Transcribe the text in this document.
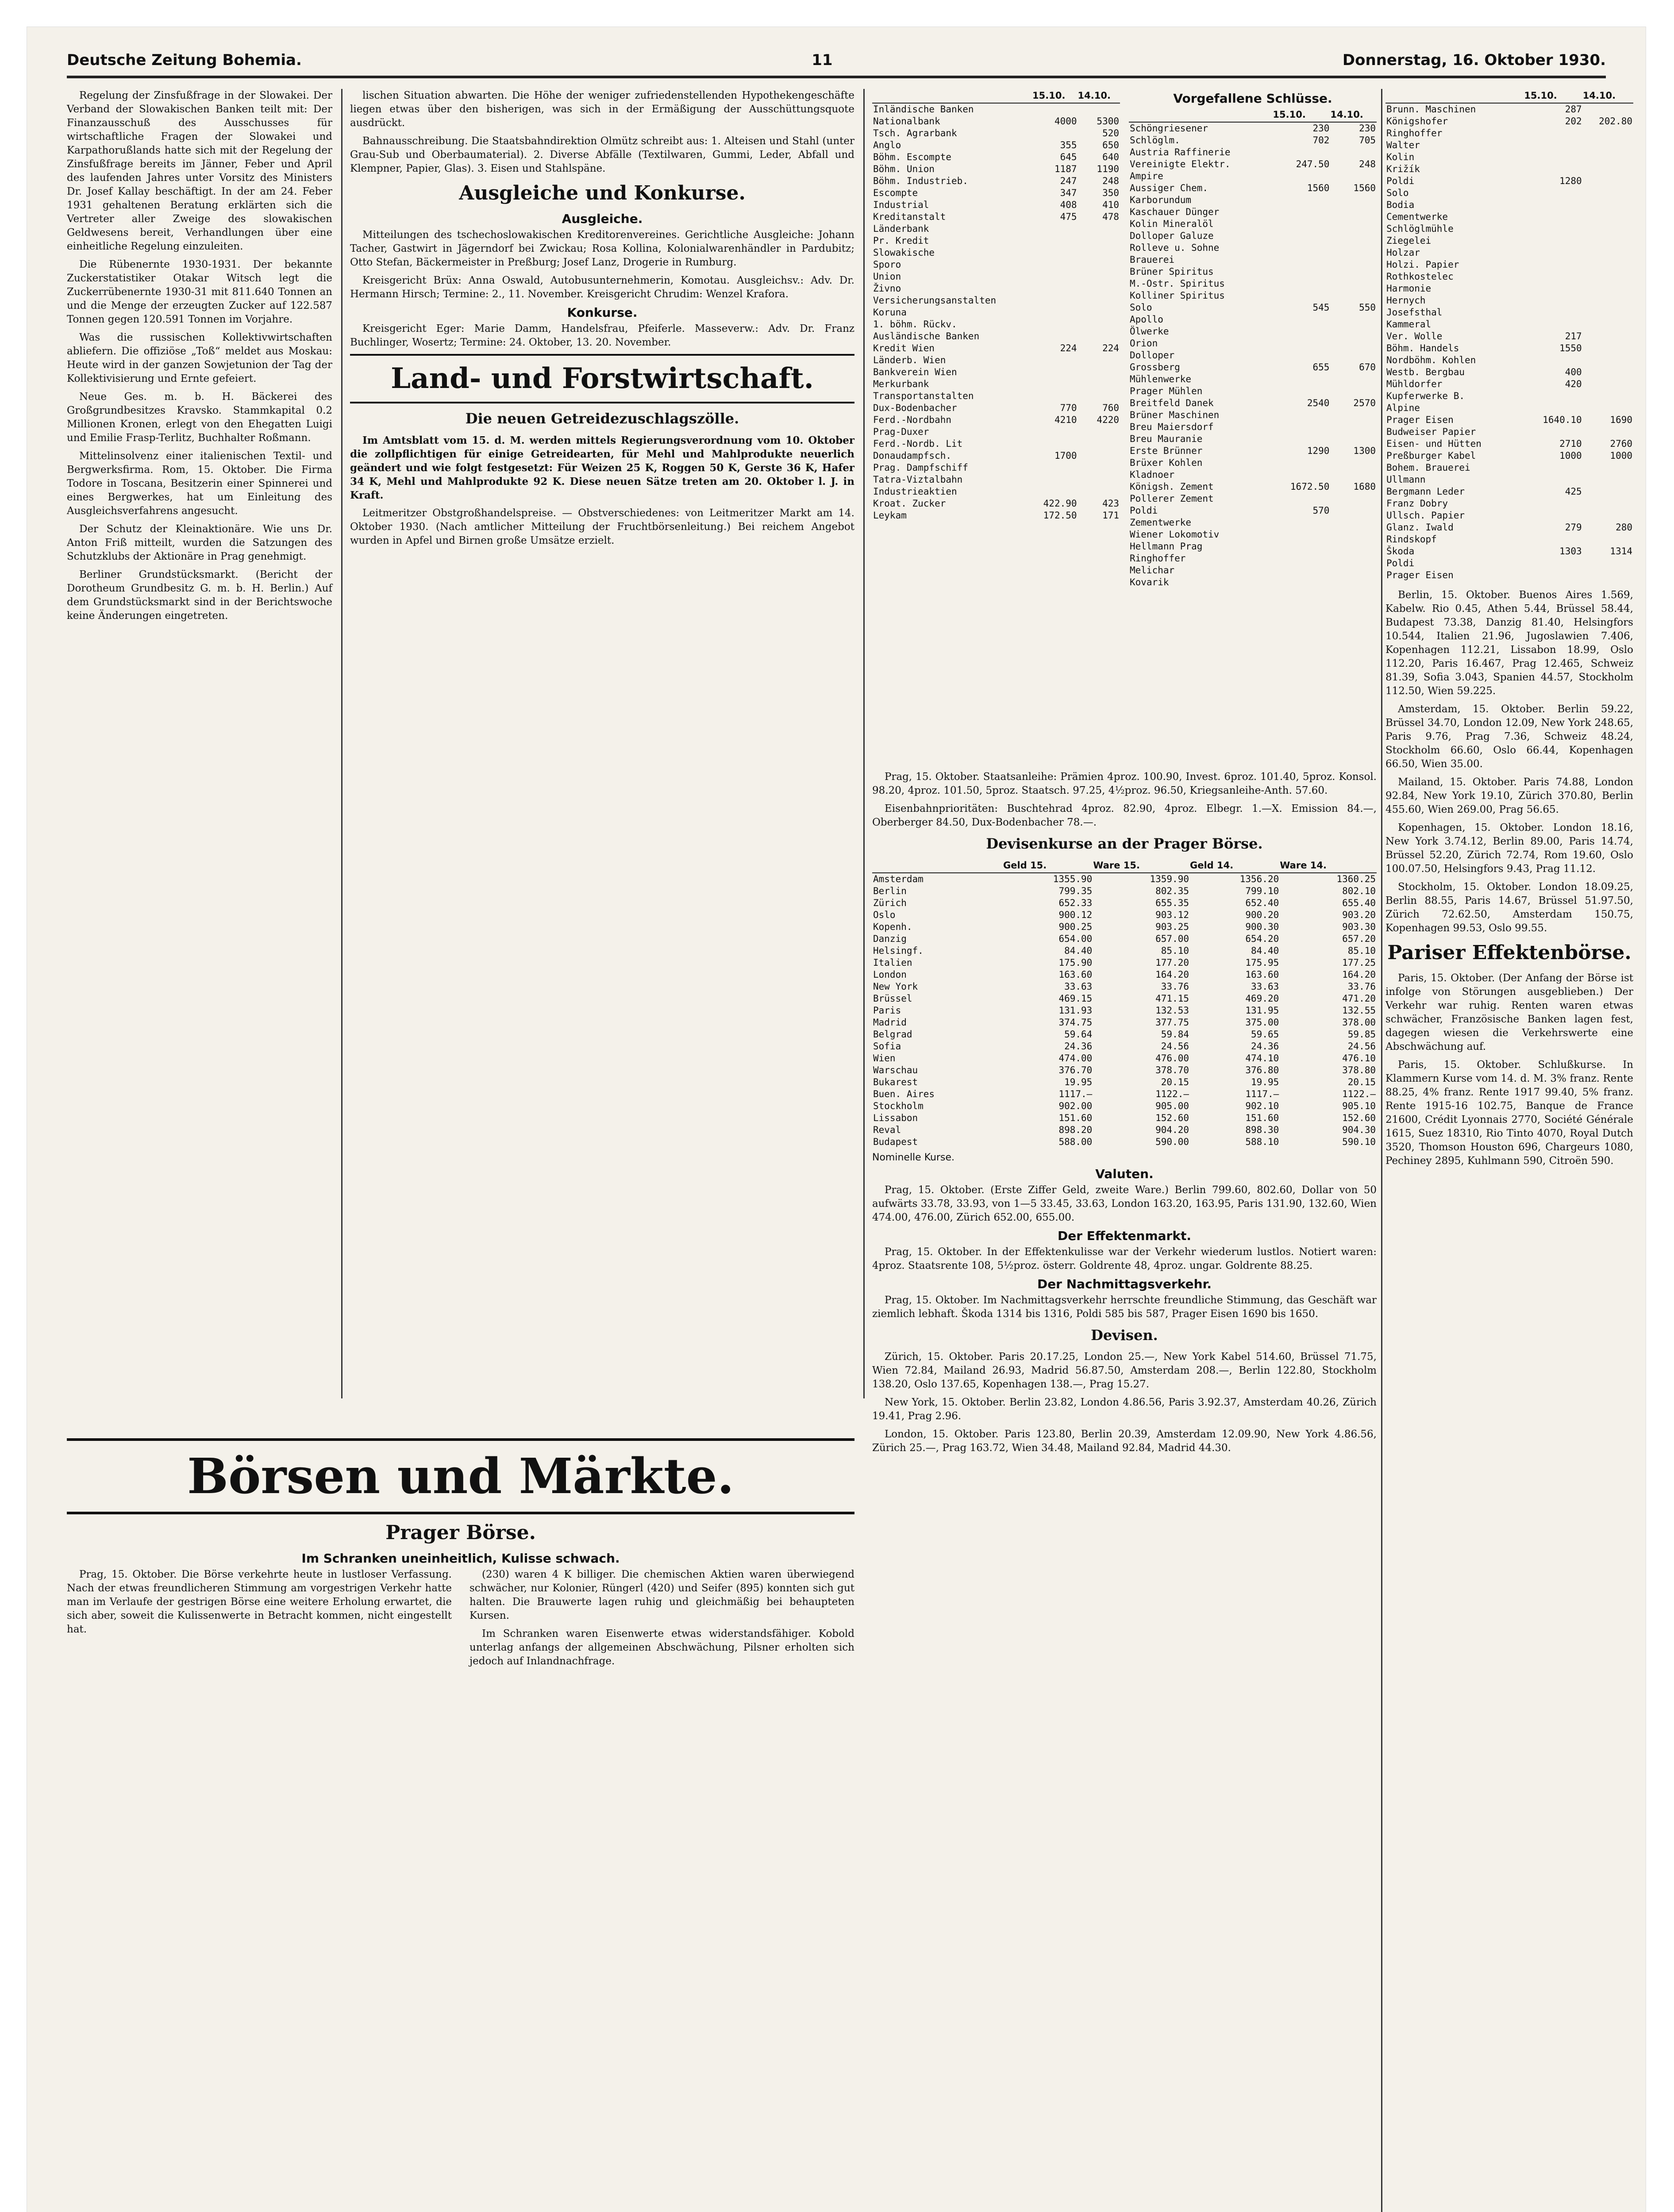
Deutsche Zeitung Bohemia.	11	Donnerstag, 16. Oktober 1930.

Regelung der Zinsfußfrage in der Slowakei. Der Verband der Slowakischen Banken teilt mit: Der Finanzausschuß des Ausschusses für wirtschaftliche Fragen der Slowakei und Karpathorußlands hatte sich mit der Regelung der Zinsfußfrage bereits im Jänner, Feber und April des laufenden Jahres unter Vorsitz des Ministers Dr. Josef Kallay beschäftigt. In der am 24. Feber 1931 gehaltenen Beratung erklärten sich die Vertreter aller Zweige des slowakischen Geldwesens bereit, Verhandlungen über eine einheitliche Regelung einzuleiten.

Die Rübenernte 1930-1931. Der bekannte Zuckerstatistiker Otakar Witsch legt die Zuckerrübenernte 1930-31 mit 811.640 Tonnen an und die Menge der erzeugten Zucker auf 122.587 Tonnen gegen 120.591 Tonnen im Vorjahre.

Was die russischen Kollektivwirtschaften abliefern. Die offiziöse „Toß“ meldet aus Moskau: Heute wird in der ganzen Sowjetunion der Tag der Kollektivisierung und Ernte gefeiert.

Neue Ges. m. b. H. Bäckerei des Großgrundbesitzes Kravsko. Stammkapital 0.2 Millionen Kronen, erlegt von den Ehegatten Luigi und Emilie Frasp-Terlitz, Buchhalter Roßmann.

Mittelinsolvenz einer italienischen Textil- und Bergwerksfirma. Rom, 15. Oktober. Die Firma Todore in Toscana, Besitzerin einer Spinnerei und eines Bergwerkes, hat um Einleitung des Ausgleichsverfahrens angesucht.

Der Schutz der Kleinaktionäre. Wie uns Dr. Anton Friß mitteilt, wurden die Satzungen des Schutzklubs der Aktionäre in Prag genehmigt.

Berliner Grundstücksmarkt. (Bericht der Dorotheum Grundbesitz G. m. b. H. Berlin.) Auf dem Grundstücksmarkt sind in der Berichtswoche keine Änderungen eingetreten.

lischen Situation abwarten. Die Höhe der weniger zufriedenstellenden Hypothekengeschäfte liegen etwas über den bisherigen, was sich in der Ermäßigung der Ausschüttungsquote ausdrückt.

Bahnausschreibung. Die Staatsbahndirektion Olmütz schreibt aus: 1. Alteisen und Stahl (unter Grau-Sub und Oberbaumaterial). 2. Diverse Abfälle (Textilwaren, Gummi, Leder, Abfall und Klempner, Papier, Glas). 3. Eisen und Stahlspäne.

Ausgleiche und Konkurse.
Ausgleiche.

Mitteilungen des tschechoslowakischen Kreditorenvereines. Gerichtliche Ausgleiche: Johann Tacher, Gastwirt in Jägerndorf bei Zwickau; Rosa Kollina, Kolonialwarenhändler in Pardubitz; Otto Stefan, Bäckermeister in Preßburg; Josef Lanz, Drogerie in Rumburg.

Kreisgericht Brüx: Anna Oswald, Autobusunternehmerin, Komotau. Ausgleichsv.: Adv. Dr. Hermann Hirsch; Termine: 2., 11. November. Kreisgericht Chrudim: Wenzel Krafora.

Konkurse.

Kreisgericht Eger: Marie Damm, Handelsfrau, Pfeiferle. Masseverw.: Adv. Dr. Franz Buchlinger, Wosertz; Termine: 24. Oktober, 13. 20. November.

Land- und Forstwirtschaft.
Die neuen Getreidezuschlagszölle.

Im Amtsblatt vom 15. d. M. werden mittels Regierungsverordnung vom 10. Oktober die zollpflichtigen für einige Getreidearten, für Mehl und Mahlprodukte neuerlich geändert und wie folgt festgesetzt: Für Weizen 25 K, Roggen 50 K, Gerste 36 K, Hafer 34 K, Mehl und Mahlprodukte 92 K. Diese neuen Sätze treten am 20. Oktober l. J. in Kraft.

Leitmeritzer Obstgroßhandelspreise. — Obstverschiedenes: von Leitmeritzer Markt am 14. Oktober 1930. (Nach amtlicher Mitteilung der Fruchtbörsenleitung.) Bei reichem Angebot wurden in Apfel und Birnen große Umsätze erzielt.

Börsen und Märkte.
Prager Börse.
Im Schranken uneinheitlich, Kulisse schwach.

Prag, 15. Oktober. Die Börse verkehrte heute in lustloser Verfassung. Nach der etwas freundlicheren Stimmung am vorgestrigen Verkehr hatte man im Verlaufe der gestrigen Börse eine weitere Erholung erwartet, die sich aber, soweit die Kulissenwerte in Betracht kommen, nicht eingestellt hat.

(230) waren 4 K billiger. Die chemischen Aktien waren überwiegend schwächer, nur Kolonier, Rüngerl (420) und Seifer (895) konnten sich gut halten. Die Brauwerte lagen ruhig und gleichmäßig bei behaupteten Kursen.

Im Schranken waren Eisenwerte etwas widerstandsfähiger. Kobold unterlag anfangs der allgemeinen Abschwächung, Pilsner erholten sich jedoch auf Inlandnachfrage.

	15.10.	14.10.
Inländische Banken		
Nationalbank	4000	5300
Tsch. Agrarbank		520
Anglo	355	650
Böhm. Escompte	645	640
Böhm. Union	1187	1190
Böhm. Industrieb.	247	248
Escompte	347	350
Industrial	408	410
Kreditanstalt	475	478
Länderbank		
Pr. Kredit		
Slowakische		
Sporo		
Union		
Živno		
Versicherungsanstalten		
Koruna		
1. böhm. Rückv.		
Ausländische Banken		
Kredit Wien	224	224
Länderb. Wien		
Bankverein Wien		
Merkurbank		
Transportanstalten		
Dux-Bodenbacher	770	760
Ferd.-Nordbahn	4210	4220
Prag-Duxer		
Ferd.-Nordb. Lit		
Donaudampfsch.	1700	
Prag. Dampfschiff		
Tatra-Viztalbahn		
Industrieaktien		
Kroat. Zucker	422.90	423
Leykam	172.50	171
Vorgefallene Schlüsse.
	15.10.	14.10.
Schöngriesener	230	230
Schlöglm.	702	705
Austria Raffinerie		
Vereinigte Elektr.	247.50	248
Ampire		
Aussiger Chem.	1560	1560
Karborundum		
Kaschauer Dünger		
Kolin Mineralöl		
Dolloper Galuze		
Rolleve u. Sohne		
Brauerei		
Brüner Spiritus		
M.-Ostr. Spiritus		
Kolliner Spiritus		
Solo	545	550
Apollo		
Ölwerke		
Orion		
Dolloper		
Grossberg	655	670
Mühlenwerke		
Prager Mühlen		
Breitfeld Danek	2540	2570
Brüner Maschinen		
Breu Maiersdorf		
Breu Mauranie		
Erste Brünner	1290	1300
Brüxer Kohlen		
Kladnoer		
Königsh. Zement	1672.50	1680
Pollerer Zement		
Poldi	570	
Zementwerke		
Wiener Lokomotiv		
Hellmann Prag		
Ringhoffer		
Melichar		
Kovarik		
	15.10.	14.10.
Brunn. Maschinen	287	
Königshofer	202	202.80
Ringhoffer		
Walter		
Kolin		
Križík		
Poldi	1280	
Solo		
Bodia		
Cementwerke		
Schlöglmühle		
Ziegelei		
Holzar		
Holzi. Papier		
Rothkostelec		
Harmonie		
Hernych		
Josefsthal		
Kammeral		
Ver. Wolle	217	
Böhm. Handels	1550	
Nordböhm. Kohlen		
Westb. Bergbau	400	
Mühldorfer	420	
Kupferwerke B.		
Alpine		
Prager Eisen	1640.10	1690
Budweiser Papier		
Eisen- und Hütten	2710	2760
Preßburger Kabel	1000	1000
Bohem. Brauerei		
Ullmann		
Bergmann Leder	425	
Franz Dobry		
Ullsch. Papier		
Glanz. Iwald	279	280
Rindskopf		
Škoda	1303	1314
Poldi		
Prager Eisen		

Berlin, 15. Oktober. Buenos Aires 1.569, Kabelw. Rio 0.45, Athen 5.44, Brüssel 58.44, Budapest 73.38, Danzig 81.40, Helsingfors 10.544, Italien 21.96, Jugoslawien 7.406, Kopenhagen 112.21, Lissabon 18.99, Oslo 112.20, Paris 16.467, Prag 12.465, Schweiz 81.39, Sofia 3.043, Spanien 44.57, Stockholm 112.50, Wien 59.225.

Amsterdam, 15. Oktober. Berlin 59.22, Brüssel 34.70, London 12.09, New York 248.65, Paris 9.76, Prag 7.36, Schweiz 48.24, Stockholm 66.60, Oslo 66.44, Kopenhagen 66.50, Wien 35.00.

Mailand, 15. Oktober. Paris 74.88, London 92.84, New York 19.10, Zürich 370.80, Berlin 455.60, Wien 269.00, Prag 56.65.

Kopenhagen, 15. Oktober. London 18.16, New York 3.74.12, Berlin 89.00, Paris 14.74, Brüssel 52.20, Zürich 72.74, Rom 19.60, Oslo 100.07.50, Helsingfors 9.43, Prag 11.12.

Stockholm, 15. Oktober. London 18.09.25, Berlin 88.55, Paris 14.67, Brüssel 51.97.50, Zürich 72.62.50, Amsterdam 150.75, Kopenhagen 99.53, Oslo 99.55.

Pariser Effektenbörse.

Paris, 15. Oktober. (Der Anfang der Börse ist infolge von Störungen ausgeblieben.) Der Verkehr war ruhig. Renten waren etwas schwächer, Französische Banken lagen fest, dagegen wiesen die Verkehrswerte eine Abschwächung auf.

Paris, 15. Oktober. Schlußkurse. In Klammern Kurse vom 14. d. M. 3% franz. Rente 88.25, 4% franz. Rente 1917 99.40, 5% franz. Rente 1915-16 102.75, Banque de France 21600, Crédit Lyonnais 2770, Société Générale 1615, Suez 18310, Rio Tinto 4070, Royal Dutch 3520, Thomson Houston 696, Chargeurs 1080, Pechiney 2895, Kuhlmann 590, Citroën 590.

Prag, 15. Oktober. Staatsanleihe: Prämien 4proz. 100.90, Invest. 6proz. 101.40, 5proz. Konsol. 98.20, 4proz. 101.50, 5proz. Staatsch. 97.25, 4½proz. 96.50, Kriegsanleihe-Anth. 57.60.

Eisenbahnprioritäten: Buschtehrad 4proz. 82.90, 4proz. Elbegr. 1.—X. Emission 84.—, Oberberger 84.50, Dux-Bodenbacher 78.—.

Devisenkurse an der Prager Börse.
	Geld 15.	Ware 15.	Geld 14.	Ware 14.
Amsterdam	1355.90	1359.90	1356.20	1360.25
Berlin	799.35	802.35	799.10	802.10
Zürich	652.33	655.35	652.40	655.40
Oslo	900.12	903.12	900.20	903.20
Kopenh.	900.25	903.25	900.30	903.30
Danzig	654.00	657.00	654.20	657.20
Helsingf.	84.40	85.10	84.40	85.10
Italien	175.90	177.20	175.95	177.25
London	163.60	164.20	163.60	164.20
New York	33.63	33.76	33.63	33.76
Brüssel	469.15	471.15	469.20	471.20
Paris	131.93	132.53	131.95	132.55
Madrid	374.75	377.75	375.00	378.00
Belgrad	59.64	59.84	59.65	59.85
Sofia	24.36	24.56	24.36	24.56
Wien	474.00	476.00	474.10	476.10
Warschau	376.70	378.70	376.80	378.80
Bukarest	19.95	20.15	19.95	20.15
Buen. Aires	1117.—	1122.—	1117.—	1122.—
Stockholm	902.00	905.00	902.10	905.10
Lissabon	151.60	152.60	151.60	152.60
Reval	898.20	904.20	898.30	904.30
Budapest	588.00	590.00	588.10	590.10
Nominelle Kurse.
Valuten.

Prag, 15. Oktober. (Erste Ziffer Geld, zweite Ware.) Berlin 799.60, 802.60, Dollar von 50 aufwärts 33.78, 33.93, von 1—5 33.45, 33.63, London 163.20, 163.95, Paris 131.90, 132.60, Wien 474.00, 476.00, Zürich 652.00, 655.00.

Der Effektenmarkt.

Prag, 15. Oktober. In der Effektenkulisse war der Verkehr wiederum lustlos. Notiert waren: 4proz. Staatsrente 108, 5½proz. österr. Goldrente 48, 4proz. ungar. Goldrente 88.25.

Der Nachmittagsverkehr.

Prag, 15. Oktober. Im Nachmittagsverkehr herrschte freundliche Stimmung, das Geschäft war ziemlich lebhaft. Škoda 1314 bis 1316, Poldi 585 bis 587, Prager Eisen 1690 bis 1650.

Devisen.

Zürich, 15. Oktober. Paris 20.17.25, London 25.—, New York Kabel 514.60, Brüssel 71.75, Wien 72.84, Mailand 26.93, Madrid 56.87.50, Amsterdam 208.—, Berlin 122.80, Stockholm 138.20, Oslo 137.65, Kopenhagen 138.—, Prag 15.27.

New York, 15. Oktober. Berlin 23.82, London 4.86.56, Paris 3.92.37, Amsterdam 40.26, Zürich 19.41, Prag 2.96.

London, 15. Oktober. Paris 123.80, Berlin 20.39, Amsterdam 12.09.90, New York 4.86.56, Zürich 25.—, Prag 163.72, Wien 34.48, Mailand 92.84, Madrid 44.30.
